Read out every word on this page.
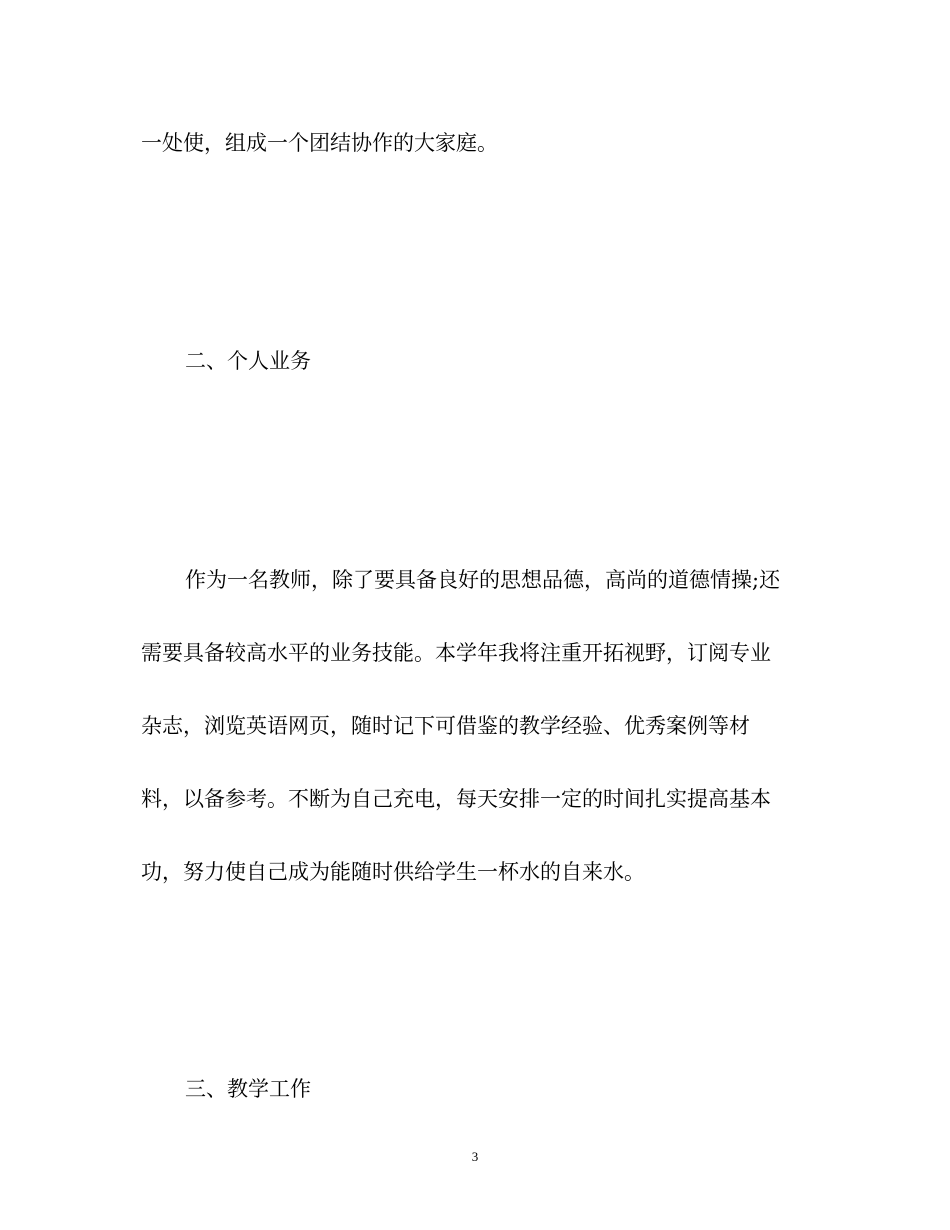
一处使，组成一个团结协作的大家庭。
二、个人业务
作为一名教师，除了要具备良好的思想品德，高尚的道德情操;还
需要具备较高水平的业务技能。本学年我将注重开拓视野，订阅专业
杂志，浏览英语网页，随时记下可借鉴的教学经验、优秀案例等材
料，以备参考。不断为自己充电，每天安排一定的时间扎实提高基本
功，努力使自己成为能随时供给学生一杯水的自来水。
三、教学工作
3
